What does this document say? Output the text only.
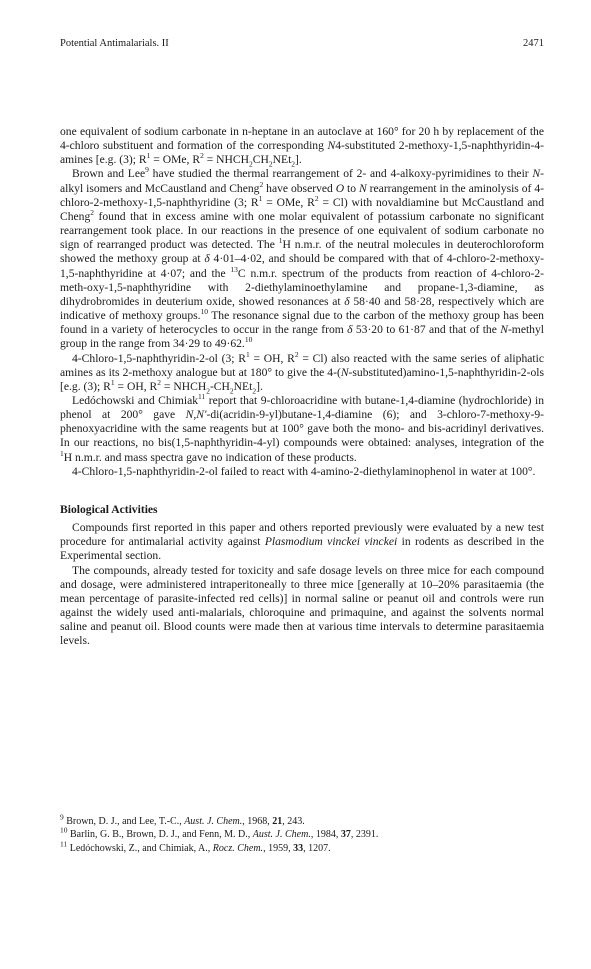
Potential Antimalarials. II	2471

one equivalent of sodium carbonate in n-heptane in an autoclave at 160° for 20 h by replacement of the 4-chloro substituent and formation of the corresponding N4-substituted 2-methoxy-1,5-naphthyridin-4-amines [e.g. (3); $R^1$ = OMe, $R^2$ = $NHCH_2CH_2NEt_2$].

Brown and Lee$^9$ have studied the thermal rearrangement of 2- and 4-alkoxy-pyrimidines to their N-alkyl isomers and McCaustland and Cheng$^2$ have observed O to N rearrangement in the aminolysis of 4-chloro-2-methoxy-1,5-naphthyridine (3; $R^1$ = OMe, $R^2 = Cl$) with novaldiamine but McCaustland and Cheng$^2$ found that in excess amine with one molar equivalent of potassium carbonate no significant rearrangement took place. In our reactions in the presence of one equivalent of sodium carbonate no sign of rearranged product was detected. The $^1$H n.m.r. of the neutral molecules in deuterochloroform showed the methoxy group at δ 4·01–4·02, and should be compared with that of 4-chloro-2-methoxy-1,5-naphthyridine at 4·07; and the $^{13}$C n.m.r. spectrum of the products from reaction of 4-chloro-2-meth-oxy-1,5-naphthyridine with 2-diethylaminoethylamine and propane-1,3-diamine, as dihydrobromides in deuterium oxide, showed resonances at δ 58·40 and 58·28, respectively which are indicative of methoxy groups.$^{10}$ The resonance signal due to the carbon of the methoxy group has been found in a variety of heterocycles to occur in the range from δ 53·20 to 61·87 and that of the N-methyl group in the range from 34·29 to 49·62.10

4-Chloro-1,5-naphthyridin-2-ol (3; $R^1$ = OH, $R^2 = Cl$) also reacted with the same series of aliphatic amines as its 2-methoxy analogue but at 180° to give the 4-(N-substituted)amino-1,5-naphthyridin-2-ols [e.g. (3); $R^1$ = OH, $R^2$ = $NHCH_2-CH_2NEt_2$].

Ledóchowski and Chimiak$^{11}$ report that 9-chloroacridine with butane-1,4-diamine (hydrochloride) in phenol at 200° gave N,N'-di(acridin-9-yl)butane-1,4-diamine (6); and 3-chloro-7-methoxy-9-phenoxyacridine with the same reagents but at 100° gave both the mono- and bis-acridinyl derivatives. In our reactions, no bis(1,5-naphthyridin-4-yl) compounds were obtained: analyses, integration of the $^1$H n.m.r. and mass spectra gave no indication of these products.

4-Chloro-1,5-naphthyridin-2-ol failed to react with 4-amino-2-diethylaminophenol in water at 100°.

Biological Activities

Compounds first reported in this paper and others reported previously were evaluated by a new test procedure for antimalarial activity against Plasmodium vinckei vinckei in rodents as described in the Experimental section.

The compounds, already tested for toxicity and safe dosage levels on three mice for each compound and dosage, were administered intraperitoneally to three mice [generally at 10–20% parasitaemia (the mean percentage of parasite-infected red cells)] in normal saline or peanut oil and controls were run against the widely used anti-malarials, chloroquine and primaquine, and against the solvents normal saline and peanut oil. Blood counts were made then at various time intervals to determine parasitaemia levels.

$^9$ Brown, D. J., and Lee, T.-C., Aust. J. Chem., 1968, 21, 243.
$^{10}$ Barlin, G. B., Brown, D. J., and Fenn, M. D., Aust. J. Chem., 1984, 37, 2391.
$^{11}$ Ledóchowski, Z., and Chimiak, A., Rocz. Chem., 1959, 33, 1207.
